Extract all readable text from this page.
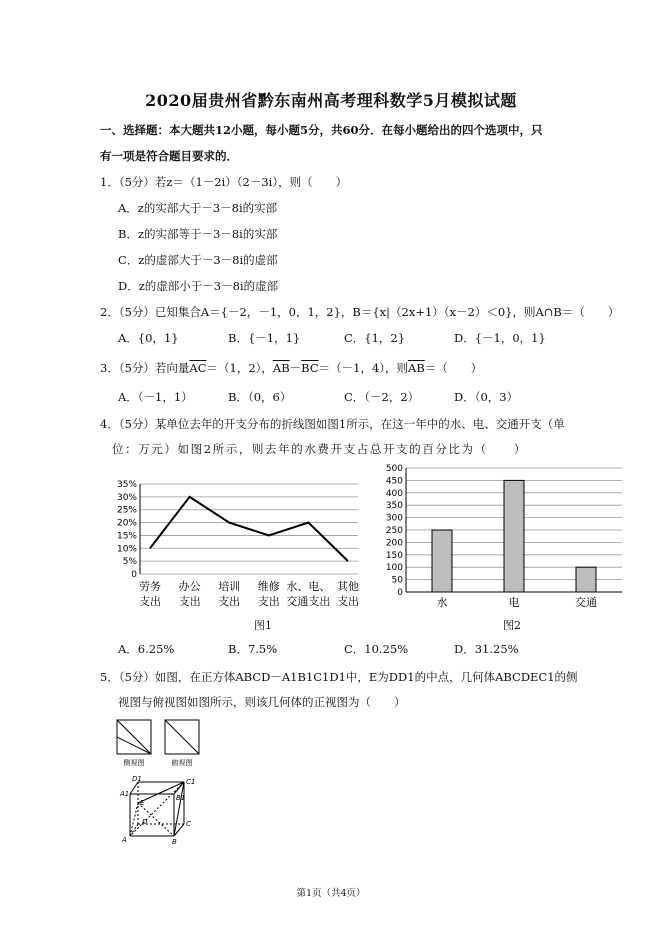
2020届贵州省黔东南州高考理科数学5月模拟试题
一、选择题：本大题共12小题，每小题5分，共60分．在每小题给出的四个选项中，只
有一项是符合题目要求的．
1．（5分）若z＝（1－2i）（2－3i），则（　　）
A．z的实部大于－3－8i的实部
B．z的实部等于－3－8i的实部
C．z的虚部大于－3－8i的虚部
D．z的虚部小于－3－8i的虚部
2．（5分）已知集合A＝{－2，－1，0，1，2}，B＝{x|（2x+1）（x－2）＜0}，则A∩B＝（　　）
A．{0，1}	B．{－1，1}	C．{1，2}	D．{－1，0，1}
3．（5分）若向量$\overline{AC}=(1$，2），$\overline{AB}-\overline{BC}=(-1$，4），则$\overline{AB}=$（　　）
A．（－1，1）	B．（0，6）	C．（－2，2）	D．（0，3）
4．（5分）某单位去年的开支分布的折线图如图1所示，在这一年中的水、电、交通开支（单
位：万元）如图2所示，则去年的水费开支占总开支的百分比为（　　）
35%
30%
25%
20%
15%
10%
5%
0
劳务
支出
办公
支出
培训
支出
维修
支出
水、电、
交通支出
其他
支出
图1
500
450
400
350
300
250
200
150
100
50
0
水	电	交通
图2
A．6.25%	B．7.5%	C．10.25%	D．31.25%
5．（5分）如图，在正方体ABCD－A1B1C1D1中，E为DD1的中点，几何体ABCDEC1的侧
视图与俯视图如图所示，则该几何体的正视图为（　　）
侧视图	俯视图
D1	C1
A1	B1
E
D	C
A	B
第1页（共4页）
